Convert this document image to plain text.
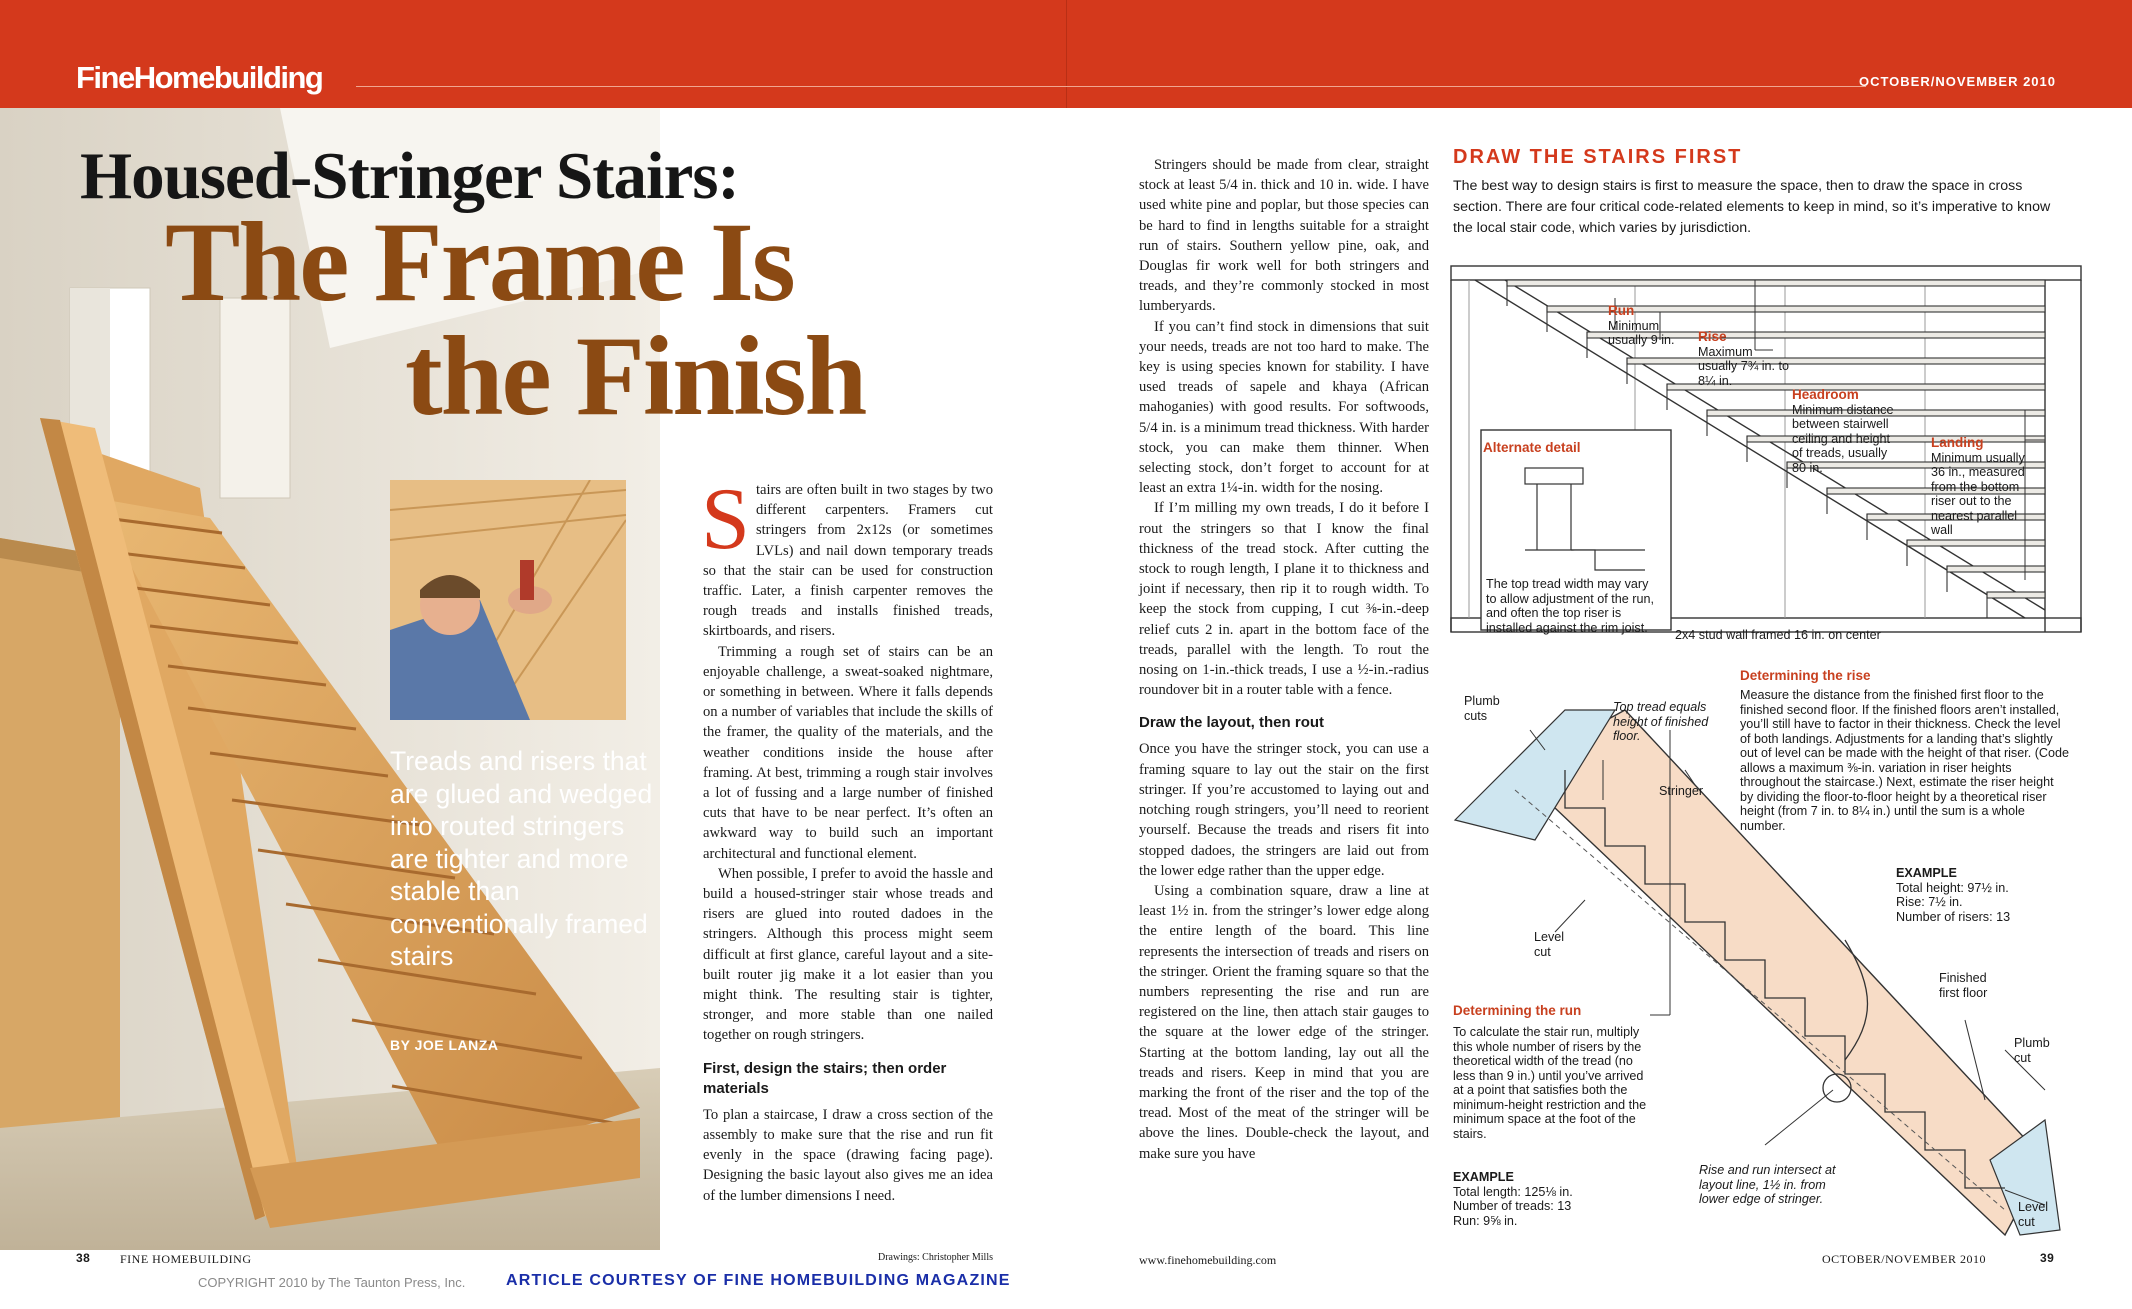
FineHomebuilding	OCTOBER/NOVEMBER 2010
Housed-Stringer Stairs:
The Frame Is
the Finish
Treads and risers that are glued and wedged into routed stringers are tighter and more stable than conventionally framed stairs
BY JOE LANZA

Stairs are often built in two stages by two different carpenters. Framers cut stringers from 2x12s (or sometimes LVLs) and nail down temporary treads so that the stair can be used for construction traffic. Later, a finish carpenter removes the rough treads and installs finished treads, skirtboards, and risers.

Trimming a rough set of stairs can be an enjoyable challenge, a sweat-soaked nightmare, or something in between. Where it falls depends on a number of variables that include the skills of the framer, the quality of the materials, and the weather conditions inside the house after framing. At best, trimming a rough stair involves a lot of fussing and a large number of finished cuts that have to be near perfect. It’s often an awkward way to build such an important architectural and functional element.

When possible, I prefer to avoid the hassle and build a housed-stringer stair whose treads and risers are glued into routed dadoes in the stringers. Although this process might seem difficult at first glance, careful layout and a site-built router jig make it a lot easier than you might think. The resulting stair is tighter, stronger, and more stable than one nailed together on rough stringers.

First, design the stairs; then order materials

To plan a staircase, I draw a cross section of the assembly to make sure that the rise and run fit evenly in the space (drawing facing page). Designing the basic layout also gives me an idea of the lumber dimensions I need.

Stringers should be made from clear, straight stock at least 5/4 in. thick and 10 in. wide. I have used white pine and poplar, but those species can be hard to find in lengths suitable for a straight run of stairs. Southern yellow pine, oak, and Douglas fir work well for both stringers and treads, and they’re commonly stocked in most lumberyards.

If you can’t find stock in dimensions that suit your needs, treads are not too hard to make. The key is using species known for stability. I have used treads of sapele and khaya (African mahoganies) with good results. For softwoods, 5/4 in. is a minimum tread thickness. With harder stock, you can make them thinner. When selecting stock, don’t forget to account for at least an extra 1¼-in. width for the nosing.

If I’m milling my own treads, I do it before I rout the stringers so that I know the final thickness of the tread stock. After cutting the stock to rough length, I plane it to thickness and joint if necessary, then rip it to rough width. To keep the stock from cupping, I cut ⅜-in.-deep relief cuts 2 in. apart in the bottom face of the treads, parallel with the length. To rout the nosing on 1-in.-thick treads, I use a ½-in.-radius roundover bit in a router table with a fence.

Draw the layout, then rout

Once you have the stringer stock, you can use a framing square to lay out the stair on the first stringer. If you’re accustomed to laying out and notching rough stringers, you’ll need to reorient yourself. Because the treads and risers fit into stopped dadoes, the stringers are laid out from the lower edge rather than the upper edge.

Using a combination square, draw a line at least 1½ in. from the stringer’s lower edge along the entire length of the board. This line represents the intersection of treads and risers on the stringer. Orient the framing square so that the numbers representing the rise and run are registered on the line, then attach stair gauges to the square at the lower edge of the stringer. Starting at the bottom landing, lay out all the treads and risers. Keep in mind that you are marking the front of the riser and the top of the tread. Most of the meat of the stringer will be above the lines. Double-check the layout, and make sure you have

DRAW THE STAIRS FIRST
The best way to design stairs is first to measure the space, then to draw the space in cross section. There are four critical code-related elements to keep in mind, so it’s imperative to know the local stair code, which varies by jurisdiction.
Run
Minimum usually 9 in.	Rise
Maximum usually 7¾ in. to 8¼ in.
Headroom
Minimum distance between stairwell ceiling and height of treads, usually 80 in.
Landing
Minimum usually 36 in., measured from the bottom riser out to the nearest parallel wall
Alternate detail
The top tread width may vary to allow adjustment of the run, and often the top riser is installed against the rim joist.
2x4 stud wall framed 16 in. on center
Plumb cuts
Top tread equals height of finished floor.
Stringer
Level cut
Finished first floor
Plumb cut
Level cut
Rise and run intersect at layout line, 1½ in. from lower edge of stringer.
Determining the rise
Measure the distance from the finished first floor to the finished second floor. If the finished floors aren’t installed, you’ll still have to factor in their thickness. Check the level of both landings. Adjustments for a landing that’s slightly out of level can be made with the height of that riser. (Code allows a maximum ⅜-in. variation in riser heights throughout the staircase.) Next, estimate the riser height by dividing the floor-to-floor height by a theoretical riser height (from 7 in. to 8¼ in.) until the sum is a whole number.
EXAMPLE
Total height: 97½ in.
Rise: 7½ in.
Number of risers: 13
Determining the run
To calculate the stair run, multiply this whole number of risers by the theoretical width of the tread (no less than 9 in.) until you’ve arrived at a point that satisfies both the minimum-height restriction and the minimum space at the foot of the stairs.
EXAMPLE
Total length: 125⅛ in.
Number of treads: 13
Run: 9⅝ in.
38 FINE HOMEBUILDING	Drawings: Christopher Mills	www.finehomebuilding.com	OCTOBER/NOVEMBER 2010	39
COPYRIGHT 2010 by The Taunton Press, Inc.	ARTICLE COURTESY OF FINE HOMEBUILDING MAGAZINE
